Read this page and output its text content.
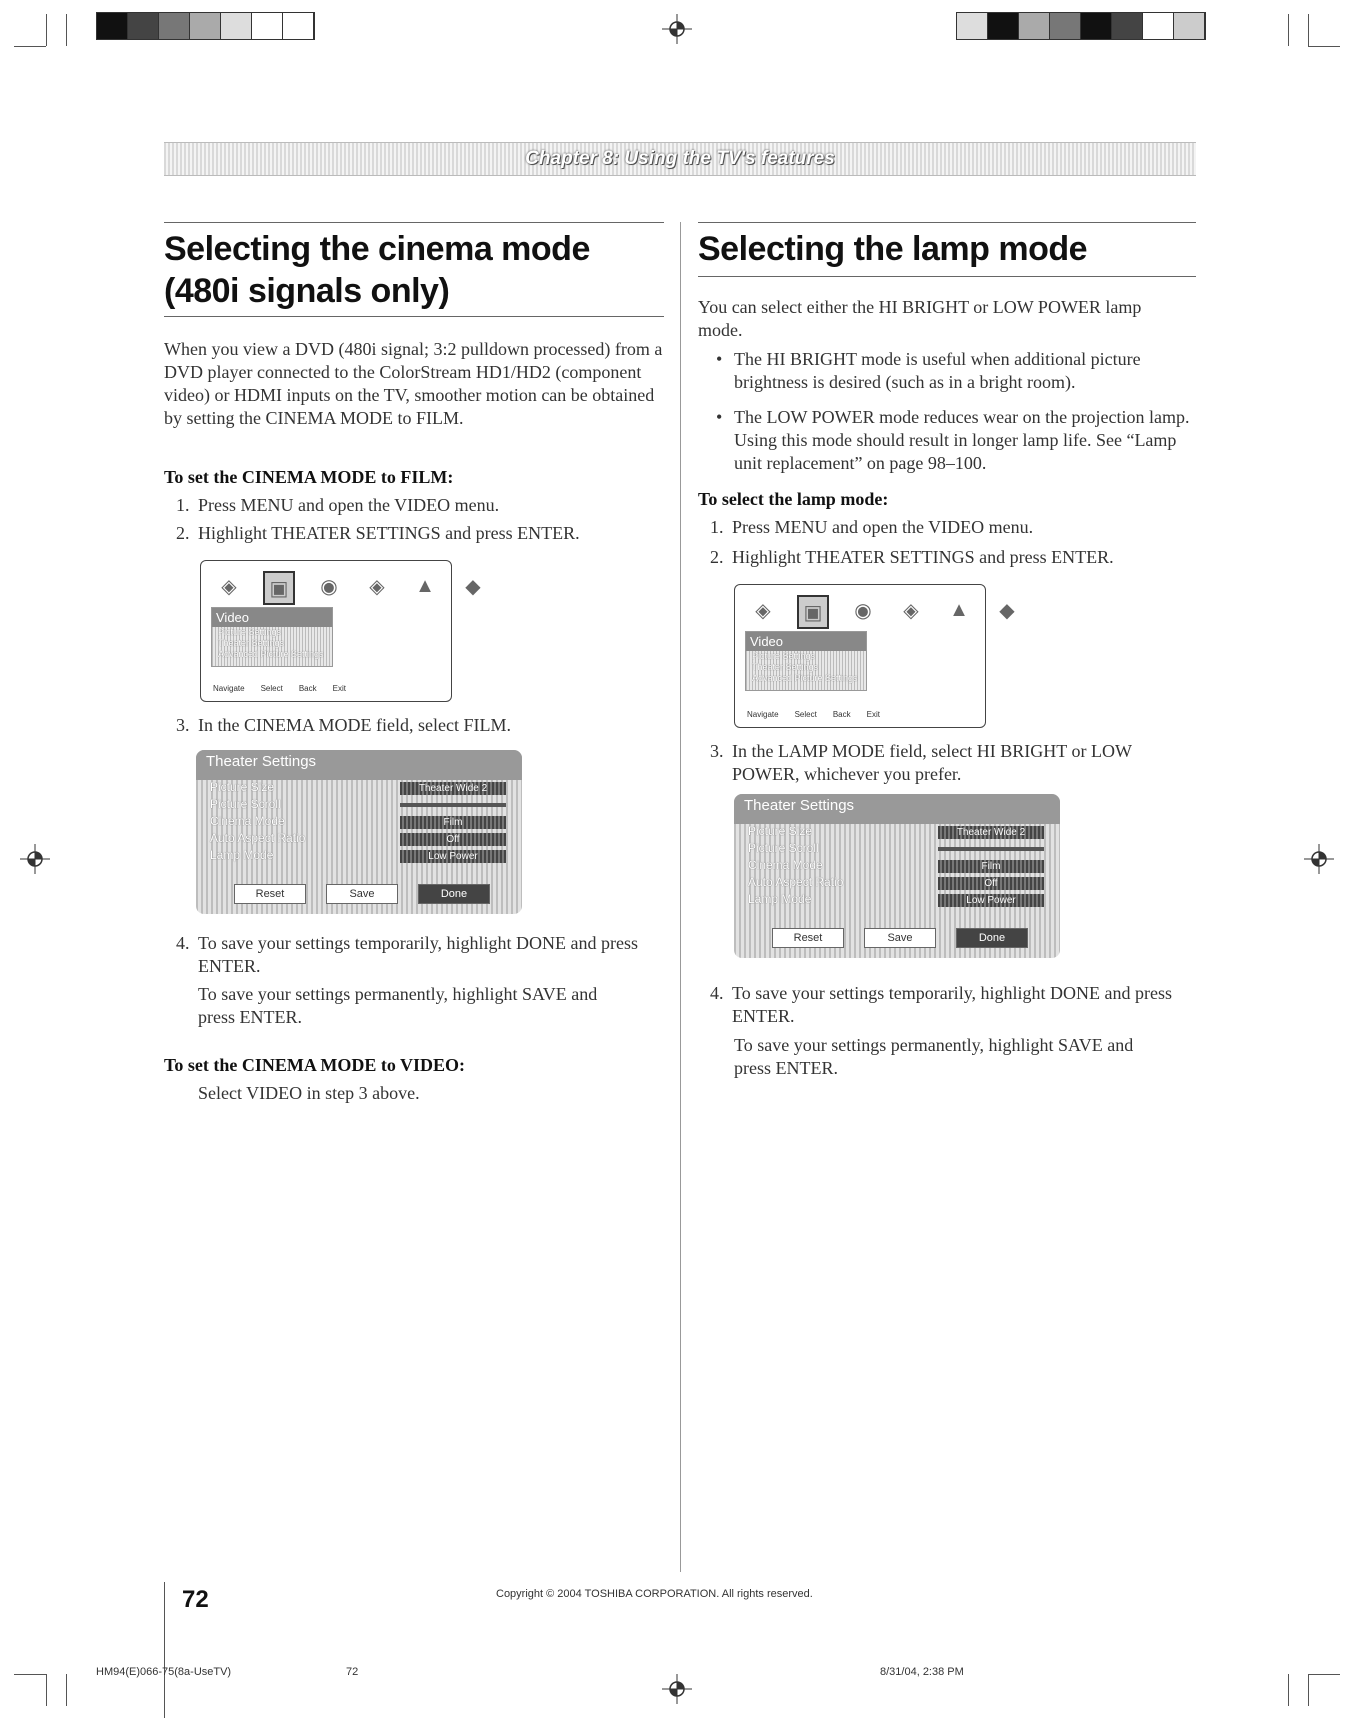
Chapter 8: Using the TV's features
Selecting the cinema mode
(480i signals only)

When you view a DVD (480i signal; 3:2 pulldown processed) from a DVD player connected to the ColorStream HD1/HD2 (component video) or HDMI inputs on the TV, smoother motion can be obtained by setting the CINEMA MODE to FILM.

To set the CINEMA MODE to FILM:

1. Press MENU and open the VIDEO menu.
2. Highlight THEATER SETTINGS and press ENTER.
◈	▣	◉	◈	▲	◆
Video
Picture Settings
Theater Settings
Advanced Picture Settings
Navigate Select Back Exit
3. In the CINEMA MODE field, select FILM.
Theater Settings
Picture Size	Theater Wide 2
Picture Scroll
Cinema Mode	Film
Auto Aspect Ratio	Off
Lamp Mode	Low Power
Reset	Save	Done
4. To save your settings temporarily, highlight DONE and press ENTER.

To save your settings permanently, highlight SAVE and press ENTER.

To set the CINEMA MODE to VIDEO:

Select VIDEO in step 3 above.

Selecting the lamp mode

You can select either the HI BRIGHT or LOW POWER lamp mode.

• The HI BRIGHT mode is useful when additional picture brightness is desired (such as in a bright room).
• The LOW POWER mode reduces wear on the projection lamp. Using this mode should result in longer lamp life. See “Lamp unit replacement” on page 98–100.

To select the lamp mode:

1. Press MENU and open the VIDEO menu.
2. Highlight THEATER SETTINGS and press ENTER.
◈	▣	◉	◈	▲	◆
Video
Picture Settings
Theater Settings
Advanced Picture Settings
Navigate Select Back Exit
3. In the LAMP MODE field, select HI BRIGHT or LOW POWER, whichever you prefer.
Theater Settings
Picture Size	Theater Wide 2
Picture Scroll
Cinema Mode	Film
Auto Aspect Ratio	Off
Lamp Mode	Low Power
Reset	Save	Done
4. To save your settings temporarily, highlight DONE and press ENTER.

To save your settings permanently, highlight SAVE and press ENTER.

72	Copyright © 2004 TOSHIBA CORPORATION. All rights reserved.
HM94(E)066-75(8a-UseTV)	72	8/31/04, 2:38 PM
